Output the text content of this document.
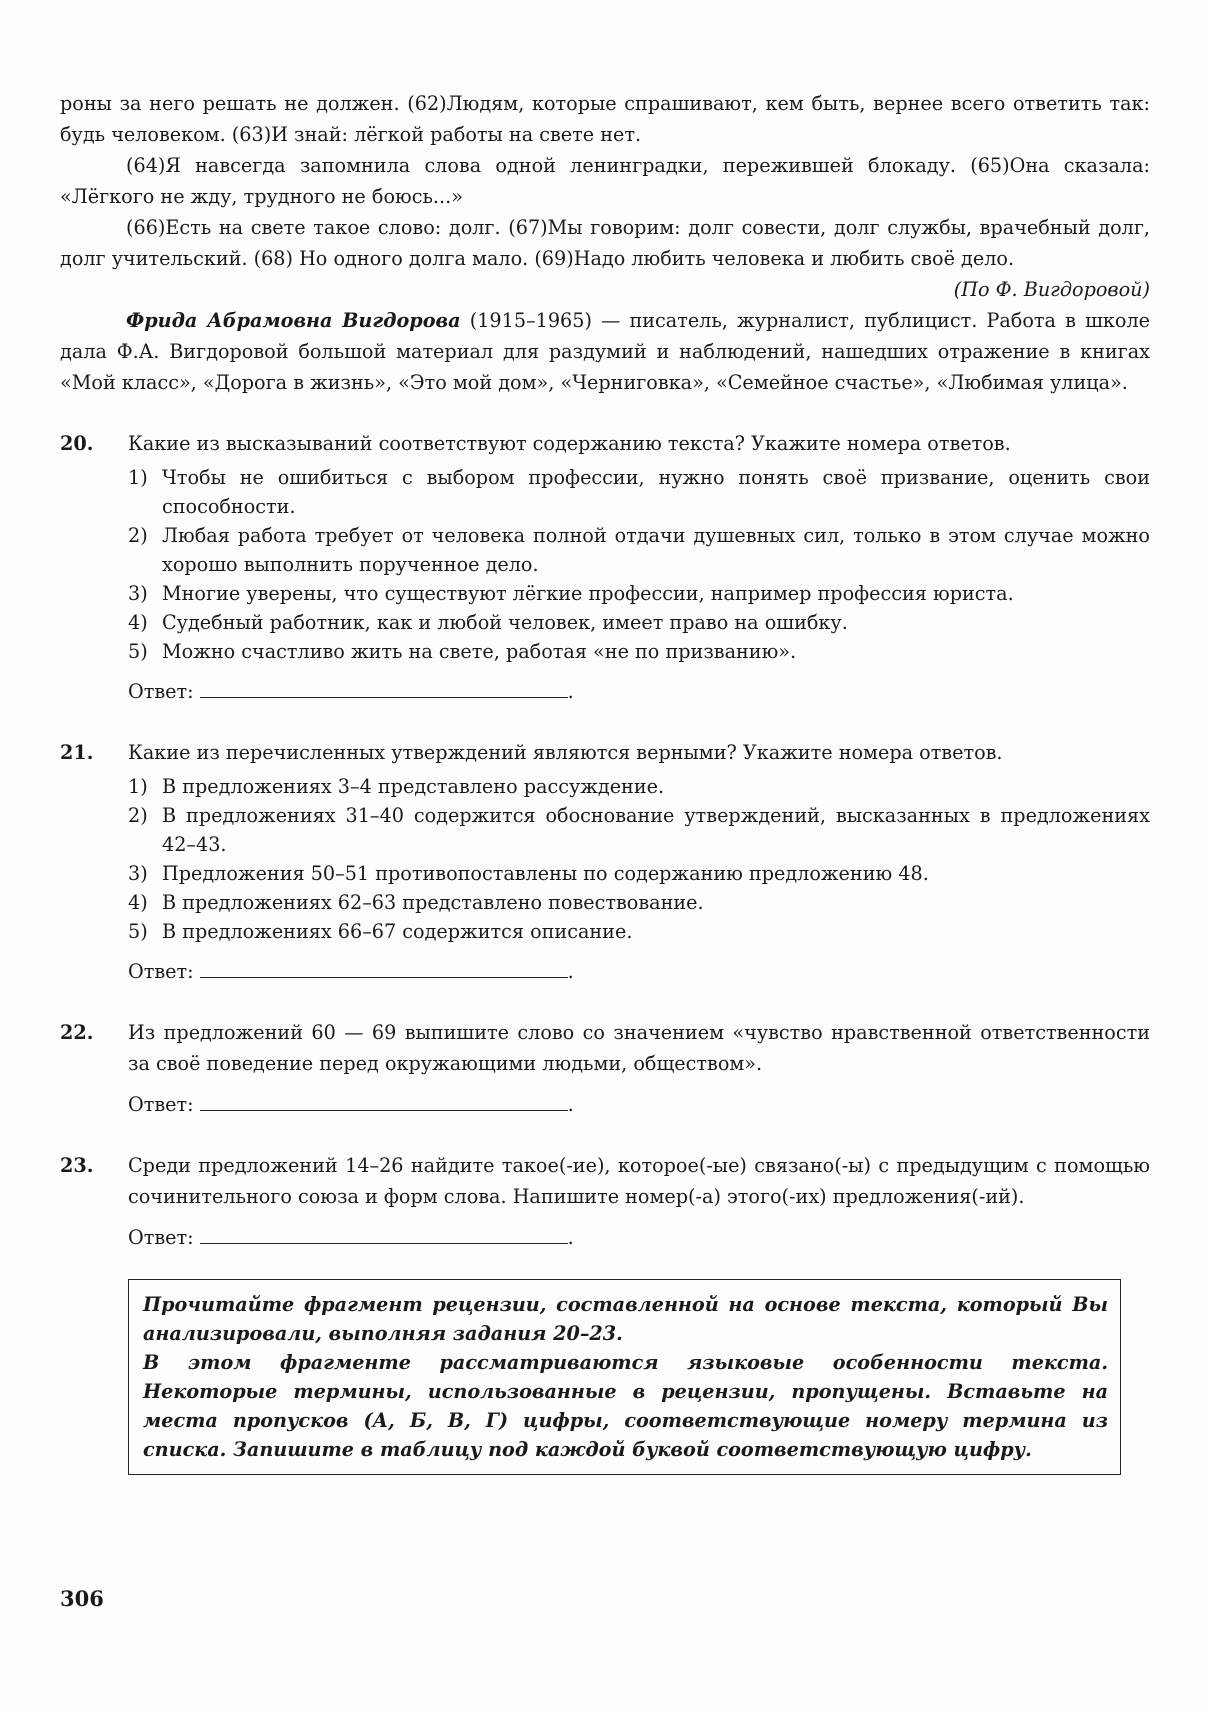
роны за него решать не должен. (62)Людям, которые спрашивают, кем быть, вернее всего ответить так: будь человеком. (63)И знай: лёгкой работы на свете нет.

(64)Я навсегда запомнила слова одной ленинградки, пережившей блокаду. (65)Она сказала: «Лёгкого не жду, трудного не боюсь...»

(66)Есть на свете такое слово: долг. (67)Мы говорим: долг совести, долг службы, врачебный долг, долг учительский. (68) Но одного долга мало. (69)Надо любить человека и любить своё дело.

(По Ф. Вигдоровой)

Фрида Абрамовна Вигдорова (1915–1965) — писатель, журналист, публицист. Работа в школе дала Ф.А. Вигдоровой большой материал для раздумий и наблюдений, нашедших отражение в книгах «Мой класс», «Дорога в жизнь», «Это мой дом», «Черниговка», «Семейное счастье», «Любимая улица».

20. Какие из высказываний соответствуют содержанию текста? Укажите номера ответов.

1) Чтобы не ошибиться с выбором профессии, нужно понять своё призвание, оценить свои способности.
2) Любая работа требует от человека полной отдачи душевных сил, только в этом случае можно хорошо выполнить порученное дело.
3) Многие уверены, что существуют лёгкие профессии, например профессия юриста.
4) Судебный работник, как и любой человек, имеет право на ошибку.
5) Можно счастливо жить на свете, работая «не по призванию».
Ответ:	.
21. Какие из перечисленных утверждений являются верными? Укажите номера ответов.

1) В предложениях 3–4 представлено рассуждение.
2) В предложениях 31–40 содержится обоснование утверждений, высказанных в предложениях 42–43.
3) Предложения 50–51 противопоставлены по содержанию предложению 48.
4) В предложениях 62–63 представлено повествование.
5) В предложениях 66–67 содержится описание.
Ответ:	.
22. Из предложений 60 — 69 выпишите слово со значением «чувство нравственной ответственности за своё поведение перед окружающими людьми, обществом».

Ответ:	.
23. Среди предложений 14–26 найдите такое(-ие), которое(-ые) связано(-ы) с предыдущим с помощью сочинительного союза и форм слова. Напишите номер(-а) этого(-их) предложения(-ий).

Ответ:	.

Прочитайте фрагмент рецензии, составленной на основе текста, который Вы анализировали, выполняя задания 20–23.

В этом фрагменте рассматриваются языковые особенности текста. Некоторые термины, использованные в рецензии, пропущены. Вставьте на места пропусков (А, Б, В, Г) цифры, соответствующие номеру термина из списка. Запишите в таблицу под каждой буквой соответствующую цифру.

306
